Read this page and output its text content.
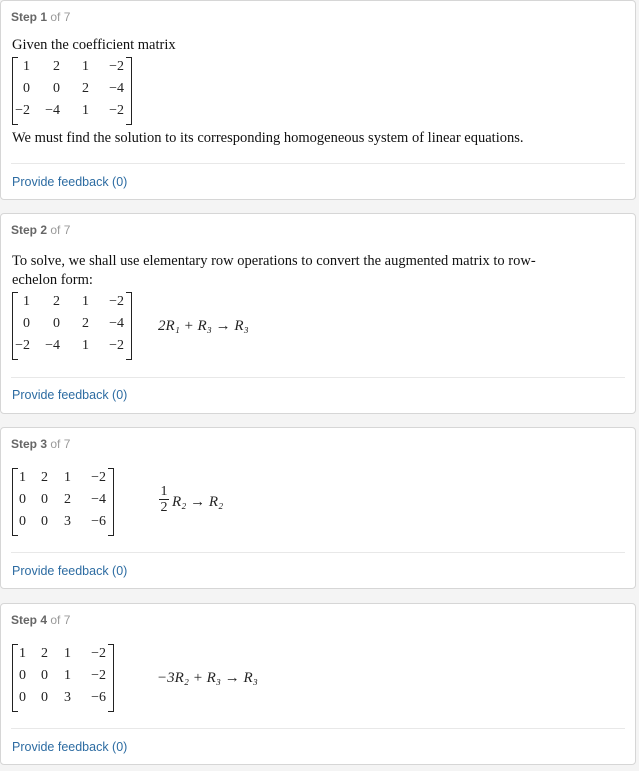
Step 1 of 7
Given the coefficient matrix
1 2 1 −2
0 0 2 −4
−2 −4 1 −2
We must find the solution to its corresponding homogeneous system of linear equations.
Provide feedback (0)
Step 2 of 7
To solve, we shall use elementary row operations to convert the augmented matrix to row-echelon form:
1 2 1 −2
0 0 2 −4
−2 −4 1 −2
2R₁ + R₃ → R₃
Provide feedback (0)
Step 3 of 7
1 2 1 −2
0 0 2 −4
0 0 3 −6
$\frac{1}{2} R_2 \to R_2$
Provide feedback (0)
Step 4 of 7
1 2 1 −2
0 0 1 −2
0 0 3 −6
−3R₂ + R₃ → R₃
Provide feedback (0)
